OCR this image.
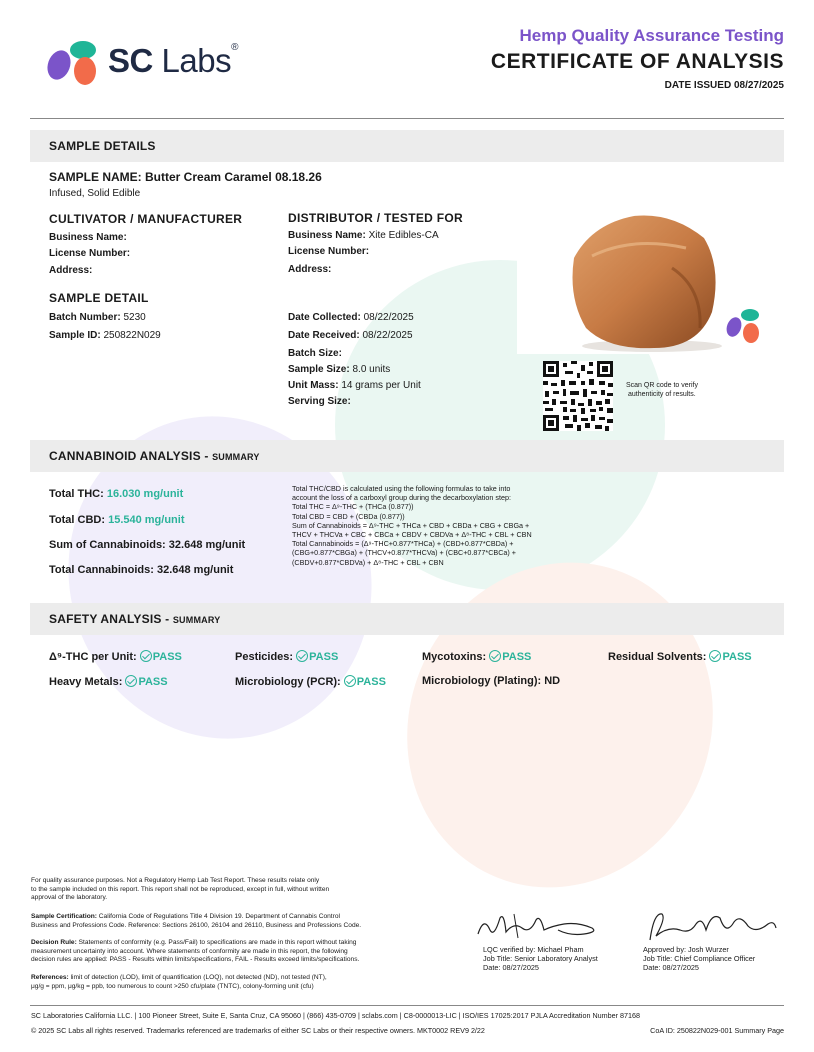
SC Labs®
Hemp Quality Assurance Testing
CERTIFICATE OF ANALYSIS
DATE ISSUED 08/27/2025
SAMPLE DETAILS
SAMPLE NAME: Butter Cream Caramel 08.18.26
Infused, Solid Edible
CULTIVATOR / MANUFACTURER
Business Name:
License Number:
Address:
DISTRIBUTOR / TESTED FOR
Business Name: Xite Edibles-CA
License Number:
Address:
SAMPLE DETAIL
Batch Number: 5230
Sample ID: 250822N029
Date Collected: 08/22/2025
Date Received: 08/22/2025
Batch Size:
Sample Size: 8.0 units
Unit Mass: 14 grams per Unit
Serving Size:
Scan QR code to verify
authenticity of results.
CANNABINOID ANALYSIS - SUMMARY
Total THC: 16.030 mg/unit
Total CBD: 15.540 mg/unit
Sum of Cannabinoids: 32.648 mg/unit
Total Cannabinoids: 32.648 mg/unit
Total THC/CBD is calculated using the following formulas to take into
account the loss of a carboxyl group during the decarboxylation step:
Total THC = Δ⁹-THC + (THCa (0.877))
Total CBD = CBD + (CBDa (0.877))
Sum of Cannabinoids = Δ⁹-THC + THCa + CBD + CBDa + CBG + CBGa +
THCV + THCVa + CBC + CBCa + CBDV + CBDVa + Δ⁸-THC + CBL + CBN
Total Cannabinoids = (Δ⁹-THC+0.877*THCa) + (CBD+0.877*CBDa) +
(CBG+0.877*CBGa) + (THCV+0.877*THCVa) + (CBC+0.877*CBCa) +
(CBDV+0.877*CBDVa) + Δ⁸-THC + CBL + CBN
SAFETY ANALYSIS - SUMMARY
Δ⁹-THC per Unit: PASS	Pesticides: PASS	Mycotoxins: PASS	Residual Solvents: PASS
Heavy Metals: PASS	Microbiology (PCR): PASS	Microbiology (Plating): ND
For quality assurance purposes. Not a Regulatory Hemp Lab Test Report. These results relate only
to the sample included on this report. This report shall not be reproduced, except in full, without written
approval of the laboratory.
Sample Certification: California Code of Regulations Title 4 Division 19. Department of Cannabis Control
Business and Professions Code. Reference: Sections 26100, 26104 and 26110, Business and Professions Code.
Decision Rule: Statements of conformity (e.g. Pass/Fail) to specifications are made in this report without taking
measurement uncertainty into account. Where statements of conformity are made in this report, the following
decision rules are applied: PASS - Results within limits/specifications, FAIL - Results exceed limits/specifications.
References: limit of detection (LOD), limit of quantification (LOQ), not detected (ND), not tested (NT),
μg/g = ppm, μg/kg = ppb, too numerous to count >250 cfu/plate (TNTC), colony-forming unit (cfu)
LQC verified by: Michael Pham
Job Title: Senior Laboratory Analyst
Date: 08/27/2025
Approved by: Josh Wurzer
Job Title: Chief Compliance Officer
Date: 08/27/2025
SC Laboratories California LLC. | 100 Pioneer Street, Suite E, Santa Cruz, CA 95060 | (866) 435-0709 | sclabs.com | C8-0000013-LIC | ISO/IES 17025:2017 PJLA Accreditation Number 87168
© 2025 SC Labs all rights reserved. Trademarks referenced are trademarks of either SC Labs or their respective owners. MKT0002 REV9 2/22	CoA ID: 250822N029-001 Summary Page
